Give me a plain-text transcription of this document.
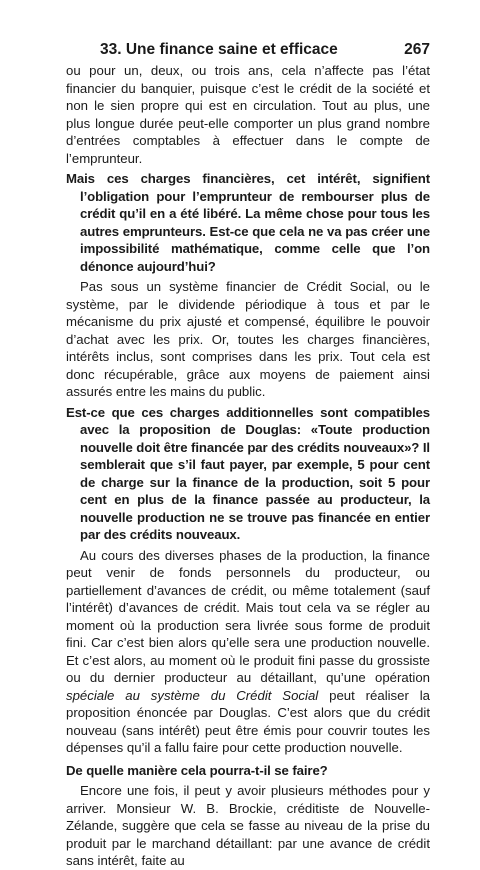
33. Une finance saine et efficace	267

ou pour un, deux, ou trois ans, cela n’affecte pas l’état financier du banquier, puisque c’est le crédit de la société et non le sien propre qui est en circulation. Tout au plus, une plus longue durée peut-elle comporter un plus grand nombre d’entrées comptables à effectuer dans le compte de l’emprunteur.

Mais ces charges financières, cet intérêt, signifient l’obligation pour l’emprunteur de rembourser plus de crédit qu’il en a été libéré. La même chose pour tous les autres emprunteurs. Est-ce que cela ne va pas créer une impossibilité mathématique, comme celle que l’on dénonce aujourd’hui?

Pas sous un système financier de Crédit Social, ou le système, par le dividende périodique à tous et par le mécanisme du prix ajusté et compensé, équilibre le pouvoir d’achat avec les prix. Or, toutes les charges financières, intérêts inclus, sont comprises dans les prix. Tout cela est donc récupérable, grâce aux moyens de paiement ainsi assurés entre les mains du public.

Est-ce que ces charges additionnelles sont compatibles avec la proposition de Douglas: «Toute production nouvelle doit être financée par des crédits nouveaux»? Il semblerait que s’il faut payer, par exemple, 5 pour cent de charge sur la finance de la production, soit 5 pour cent en plus de la finance passée au producteur, la nouvelle production ne se trouve pas financée en entier par des crédits nouveaux.

Au cours des diverses phases de la production, la finance peut venir de fonds personnels du producteur, ou partiellement d’avances de crédit, ou même totalement (sauf l’intérêt) d’avances de crédit. Mais tout cela va se régler au moment où la production sera livrée sous forme de produit fini. Car c’est bien alors qu’elle sera une production nouvelle. Et c’est alors, au moment où le produit fini passe du grossiste ou du dernier producteur au détaillant, qu’une opération spéciale au système du Crédit Social peut réaliser la proposition énoncée par Douglas. C’est alors que du crédit nouveau (sans intérêt) peut être émis pour couvrir toutes les dépenses qu’il a fallu faire pour cette production nouvelle.

De quelle manière cela pourra-t-il se faire?

Encore une fois, il peut y avoir plusieurs méthodes pour y arriver. Monsieur W. B. Brockie, créditiste de Nouvelle-Zélande, suggère que cela se fasse au niveau de la prise du produit par le marchand détaillant: par une avance de crédit sans intérêt, faite au
